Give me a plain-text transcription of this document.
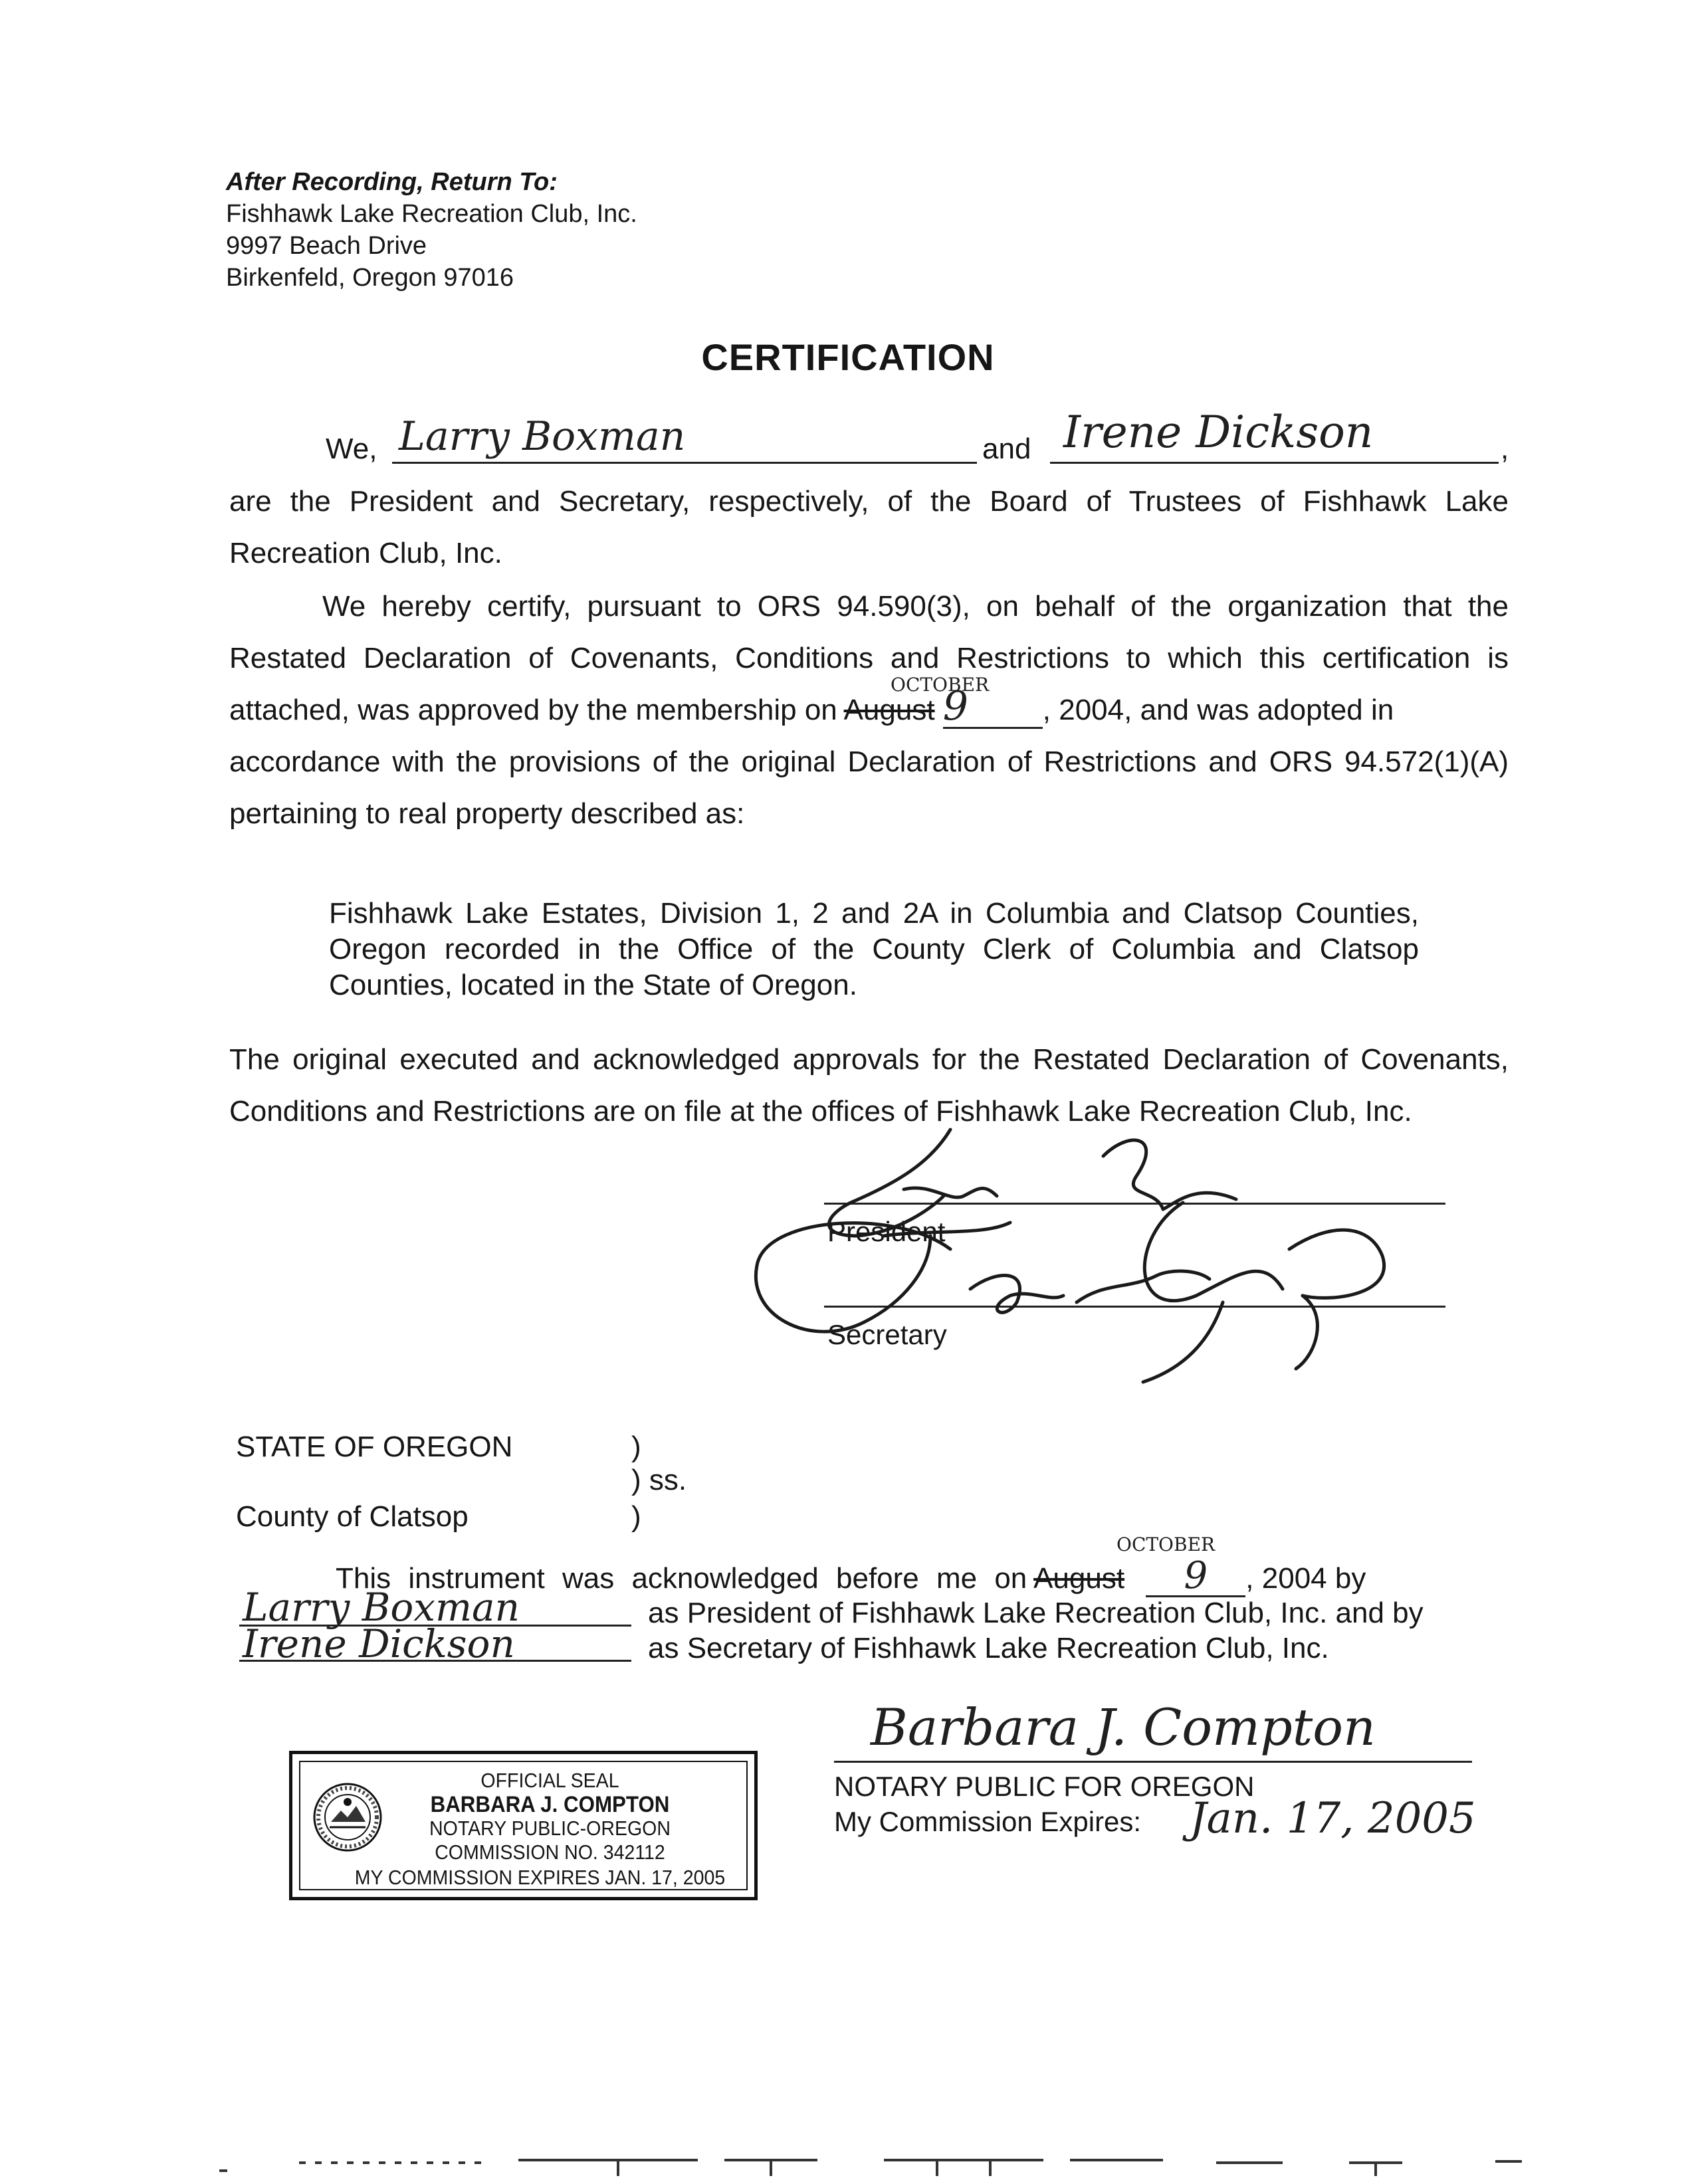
After Recording, Return To:
Fishhawk Lake Recreation Club, Inc.
9997 Beach Drive
Birkenfeld, Oregon 97016
CERTIFICATION
We, Larry Boxman	and Irene Dickson	,
are the President and Secretary, respectively, of the Board of Trustees of Fishhawk Lake
Recreation Club, Inc.
We hereby certify, pursuant to ORS 94.590(3), on behalf of the organization that the
Restated Declaration of Covenants, Conditions and Restrictions to which this certification is
attached, was approved by the membership on August 9	, 2004, and was adopted in
accordance with the provisions of the original Declaration of Restrictions and ORS 94.572(1)(A)
pertaining to real property described as:
OCTOBER
Fishhawk Lake Estates, Division 1, 2 and 2A in Columbia and Clatsop Counties, Oregon recorded in the Office of the County Clerk of Columbia and Clatsop Counties, located in the State of Oregon.
The original executed and acknowledged approvals for the Restated Declaration of Covenants,
Conditions and Restrictions are on file at the offices of Fishhawk Lake Recreation Club, Inc.
President
Secretary
STATE OF OREGON	)
) ss.
County of Clatsop	)
OCTOBER
This instrument was acknowledged before me on August 9 , 2004 by
Larry Boxman	as President of Fishhawk Lake Recreation Club, Inc. and by
Irene Dickson	as Secretary of Fishhawk Lake Recreation Club, Inc.
Barbara J. Compton
NOTARY PUBLIC FOR OREGON
My Commission Expires: Jan. 17, 2005
OFFICIAL SEAL
BARBARA J. COMPTON
NOTARY PUBLIC-OREGON
COMMISSION NO. 342112
MY COMMISSION EXPIRES JAN. 17, 2005
